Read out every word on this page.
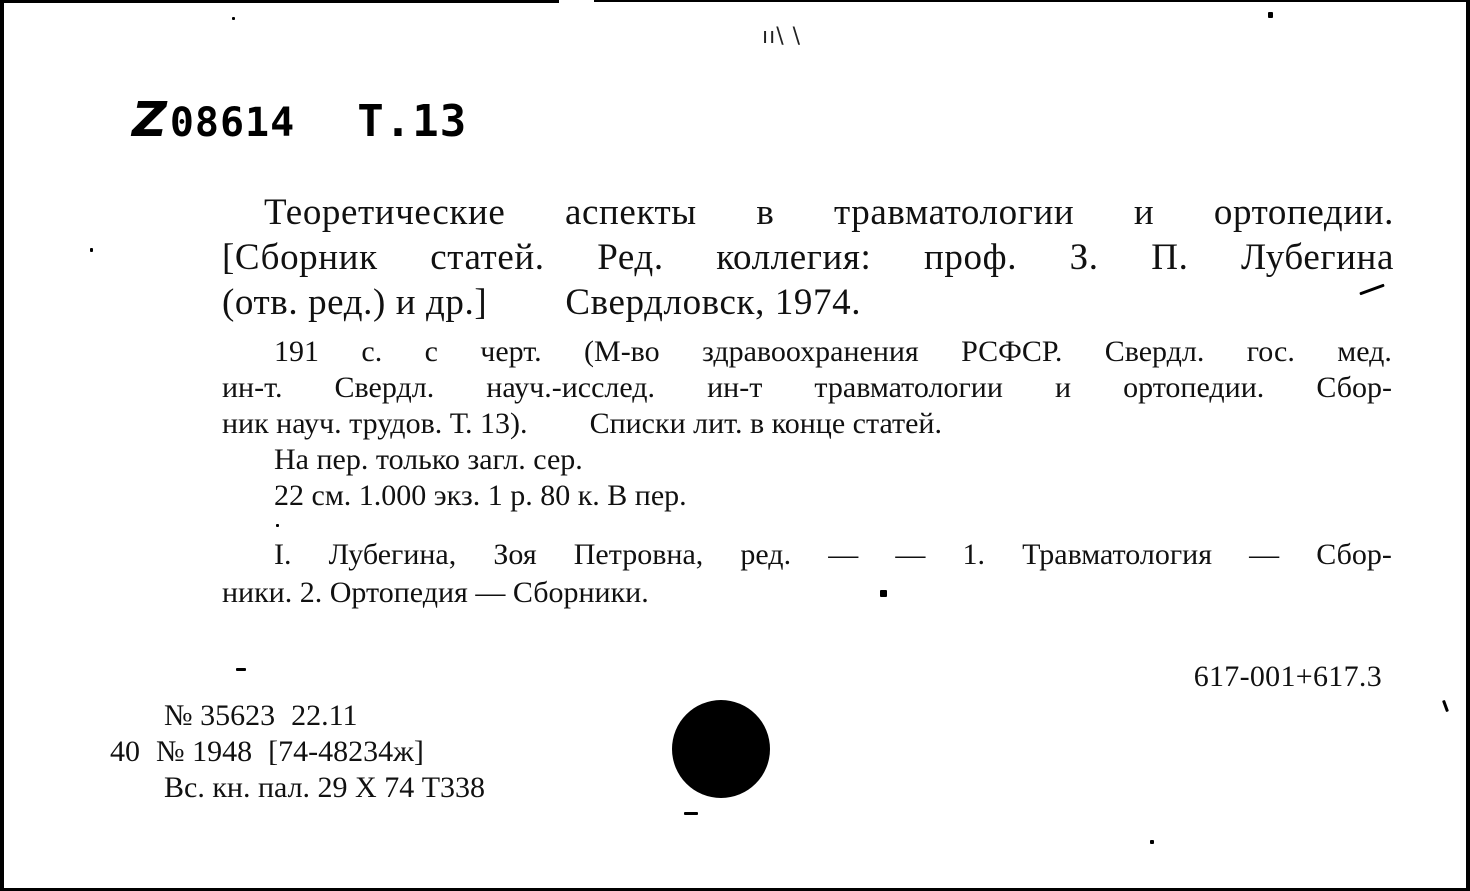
ıı\ \
Z 08614 T.13
Теоретические аспекты в травматологии и ортопедии.
[Сборник статей. Ред. коллегия: проф. З. П. Лубегина
(отв. ред.) и др.] Свердловск, 1974.
191 с. с черт. (М-во здравоохранения РСФСР. Свердл. гос. мед.
ин-т. Свердл. науч.-исслед. ин-т травматологии и ортопедии. Сбор-
ник науч. трудов. Т. 13). Списки лит. в конце статей.
На пер. только загл. сер.
22 см. 1.000 экз. 1 р. 80 к. В пер.
I. Лубегина, Зоя Петровна, ред. — — 1. Травматология — Сбор-
ники. 2. Ортопедия — Сборники.
617-001+617.3
№ 35623 22.11
40 № 1948 [74-48234ж]
Вс. кн. пал. 29 X 74 Т338
